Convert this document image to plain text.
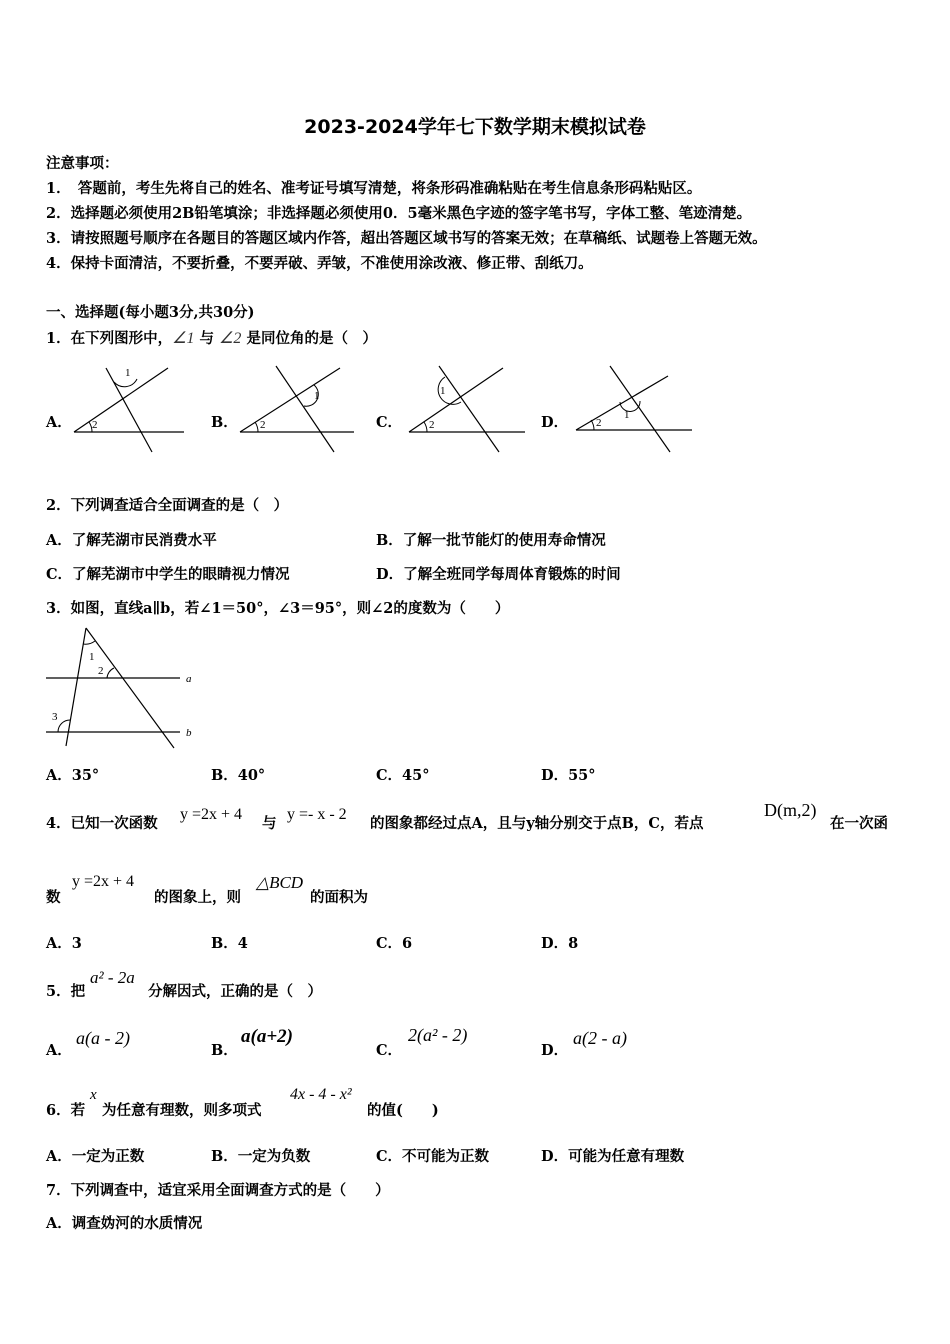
2023-2024学年七下数学期末模拟试卷
注意事项：
1．　答题前，考生先将自己的姓名、准考证号填写清楚，将条形码准确粘贴在考生信息条形码粘贴区。
2．选择题必须使用2B铅笔填涂；非选择题必须使用0．5毫米黑色字迹的签字笔书写，字体工整、笔迹清楚。
3．请按照题号顺序在各题目的答题区域内作答，超出答题区域书写的答案无效；在草稿纸、试题卷上答题无效。
4．保持卡面清洁，不要折叠，不要弄破、弄皱，不准使用涂改液、修正带、刮纸刀。
一、选择题(每小题3分,共30分)
1．在下列图形中，∠1 与 ∠2 是同位角的是（　）
A．	B．	C．	D．
1
2
1
2
1
2
1
2
2．下列调查适合全面调查的是（　）
A．了解芜湖市民消费水平	B．了解一批节能灯的使用寿命情况
C．了解芜湖市中学生的眼睛视力情况	D．了解全班同学每周体育锻炼的时间
3．如图，直线a∥b，若∠1＝50°，∠3＝95°，则∠2的度数为（　　）
1
2
3
a
b
A．35°	B．40°	C．45°	D．55°
4．已知一次函数
y =2x + 4
与
y =- x - 2
的图象都经过点A，且与y轴分别交于点B，C，若点
D(m,2)
在一次函
数
y =2x + 4
的图象上，则
△BCD
的面积为
A．3	B．4	C．6	D．8
5．把
a² - 2a
分解因式，正确的是（　）
A．
a(a - 2)
B．
a(a+2)
C．
2(a² - 2)
D．
a(2 - a)
6．若
x
为任意有理数，则多项式
4x - 4 - x²
的值(　　)
A．一定为正数	B．一定为负数	C．不可能为正数	D．可能为任意有理数
7．下列调查中，适宜采用全面调查方式的是（　　）
A．调查妫河的水质情况
